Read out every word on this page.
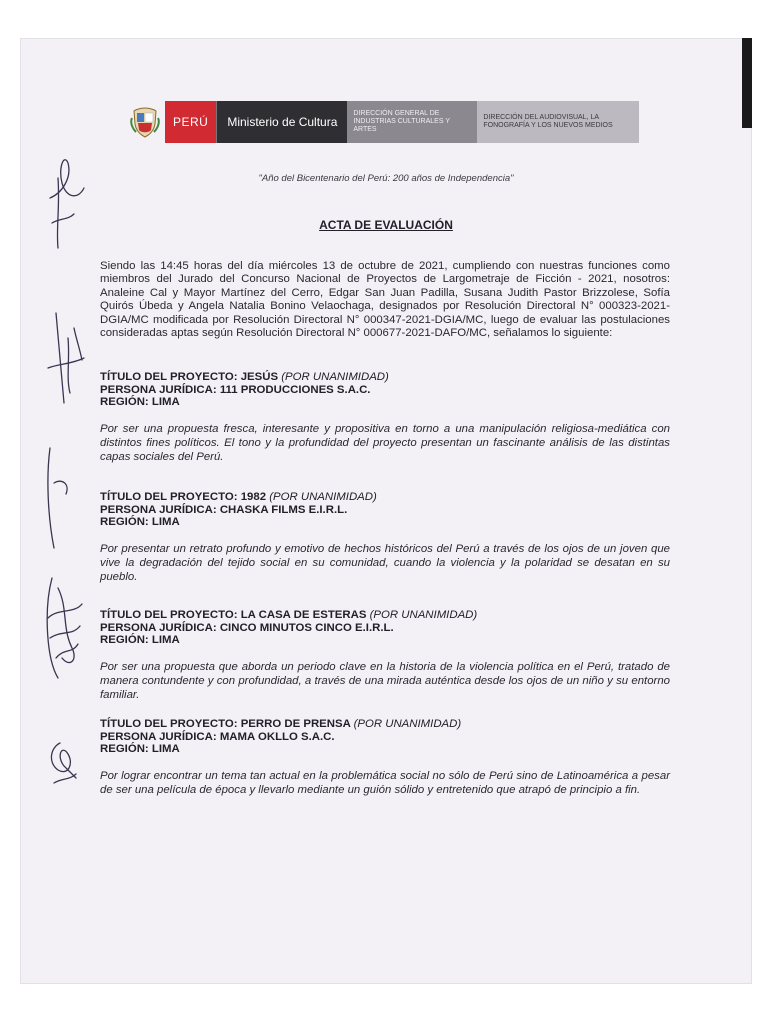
PERÚ	Ministerio de Cultura
DIRECCIÓN GENERAL DE INDUSTRIAS CULTURALES Y ARTES
DIRECCIÓN DEL AUDIOVISUAL, LA FONOGRAFÍA Y LOS NUEVOS MEDIOS
"Año del Bicentenario del Perú: 200 años de Independencia"
ACTA DE EVALUACIÓN
Siendo las 14:45 horas del día miércoles 13 de octubre de 2021, cumpliendo con nuestras funciones como miembros del Jurado del Concurso Nacional de Proyectos de Largometraje de Ficción - 2021, nosotros: Analeine Cal y Mayor Martínez del Cerro, Edgar San Juan Padilla, Susana Judith Pastor Brizzolese, Sofía Quirós Úbeda y Angela Natalia Bonino Velaochaga, designados por Resolución Directoral N° 000323-2021-DGIA/MC modificada por Resolución Directoral N° 000347-2021-DGIA/MC, luego de evaluar las postulaciones consideradas aptas según Resolución Directoral N° 000677-2021-DAFO/MC, señalamos lo siguiente:
TÍTULO DEL PROYECTO: JESÚS (POR UNANIMIDAD)
PERSONA JURÍDICA: 111 PRODUCCIONES S.A.C.
REGIÓN: LIMA
Por ser una propuesta fresca, interesante y propositiva en torno a una manipulación religiosa-mediática con distintos fines políticos. El tono y la profundidad del proyecto presentan un fascinante análisis de las distintas capas sociales del Perú.
TÍTULO DEL PROYECTO: 1982 (POR UNANIMIDAD)
PERSONA JURÍDICA: CHASKA FILMS E.I.R.L.
REGIÓN: LIMA
Por presentar un retrato profundo y emotivo de hechos históricos del Perú a través de los ojos de un joven que vive la degradación del tejido social en su comunidad, cuando la violencia y la polaridad se desatan en su pueblo.
TÍTULO DEL PROYECTO: LA CASA DE ESTERAS (POR UNANIMIDAD)
PERSONA JURÍDICA: CINCO MINUTOS CINCO E.I.R.L.
REGIÓN: LIMA
Por ser una propuesta que aborda un periodo clave en la historia de la violencia política en el Perú, tratado de manera contundente y con profundidad, a través de una mirada auténtica desde los ojos de un niño y su entorno familiar.
TÍTULO DEL PROYECTO: PERRO DE PRENSA (POR UNANIMIDAD)
PERSONA JURÍDICA: MAMA OKLLO S.A.C.
REGIÓN: LIMA
Por lograr encontrar un tema tan actual en la problemática social no sólo de Perú sino de Latinoamérica a pesar de ser una película de época y llevarlo mediante un guión sólido y entretenido que atrapó de principio a fin.
